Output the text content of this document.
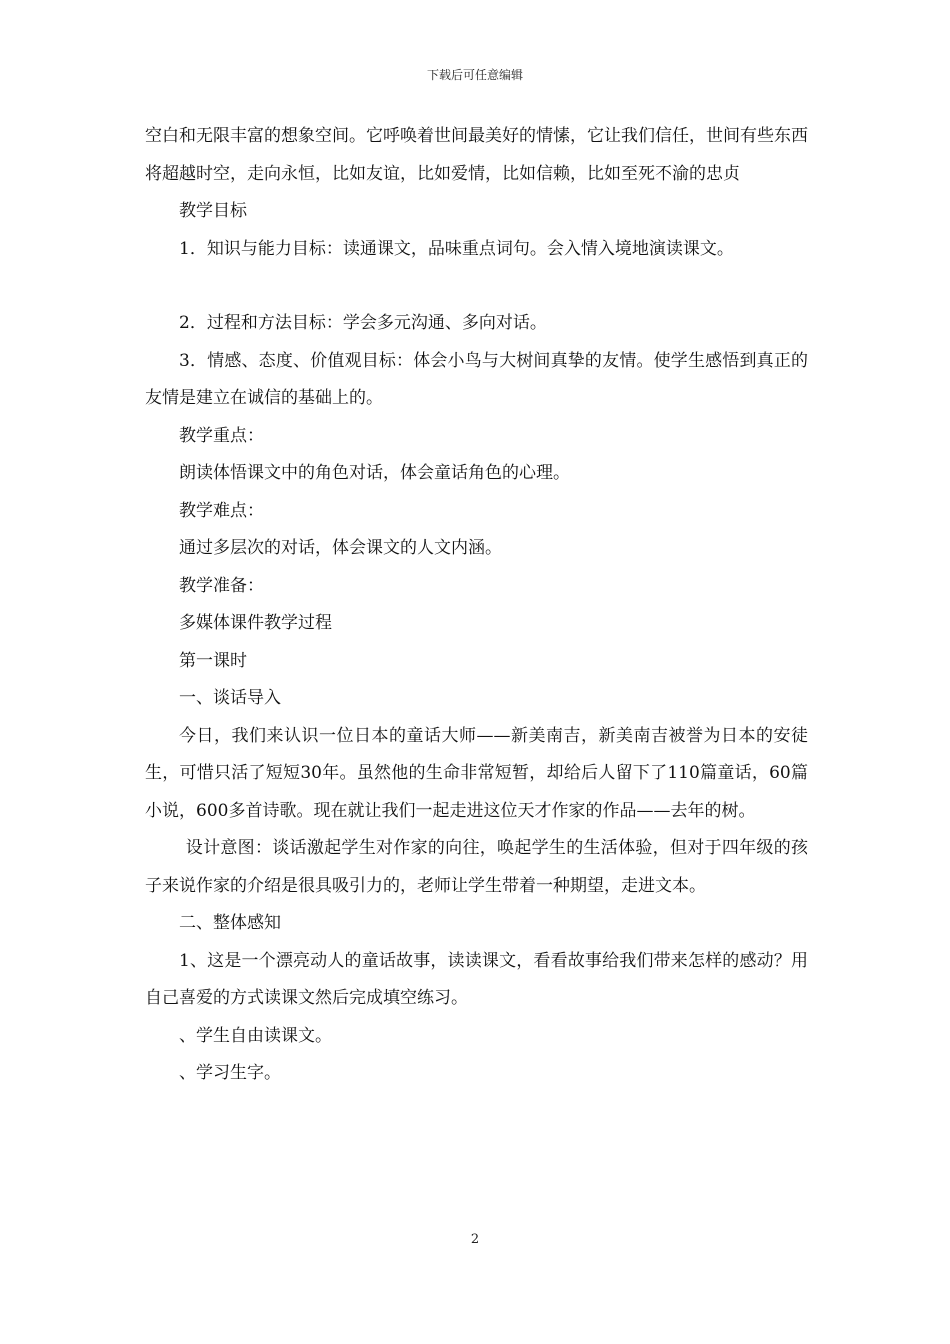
下载后可任意编辑

空白和无限丰富的想象空间。它呼唤着世间最美好的情愫，它让我们信任，世间有些东西将超越时空，走向永恒，比如友谊，比如爱情，比如信赖，比如至死不渝的忠贞

教学目标

1．知识与能力目标：读通课文，品味重点词句。会入情入境地演读课文。

2．过程和方法目标：学会多元沟通、多向对话。

3．情感、态度、价值观目标：体会小鸟与大树间真挚的友情。使学生感悟到真正的友情是建立在诚信的基础上的。

教学重点：

朗读体悟课文中的角色对话，体会童话角色的心理。

教学难点：

通过多层次的对话，体会课文的人文内涵。

教学准备：

多媒体课件教学过程

第一课时

一、谈话导入

今日，我们来认识一位日本的童话大师——新美南吉，新美南吉被誉为日本的安徒生，可惜只活了短短30年。虽然他的生命非常短暂，却给后人留下了110篇童话，60篇小说，600多首诗歌。现在就让我们一起走进这位天才作家的作品——去年的树。

设计意图：谈话激起学生对作家的向往，唤起学生的生活体验，但对于四年级的孩子来说作家的介绍是很具吸引力的，老师让学生带着一种期望，走进文本。

二、整体感知

1、这是一个漂亮动人的童话故事，读读课文，看看故事给我们带来怎样的感动？用自己喜爱的方式读课文然后完成填空练习。

、学生自由读课文。

、学习生字。

2
